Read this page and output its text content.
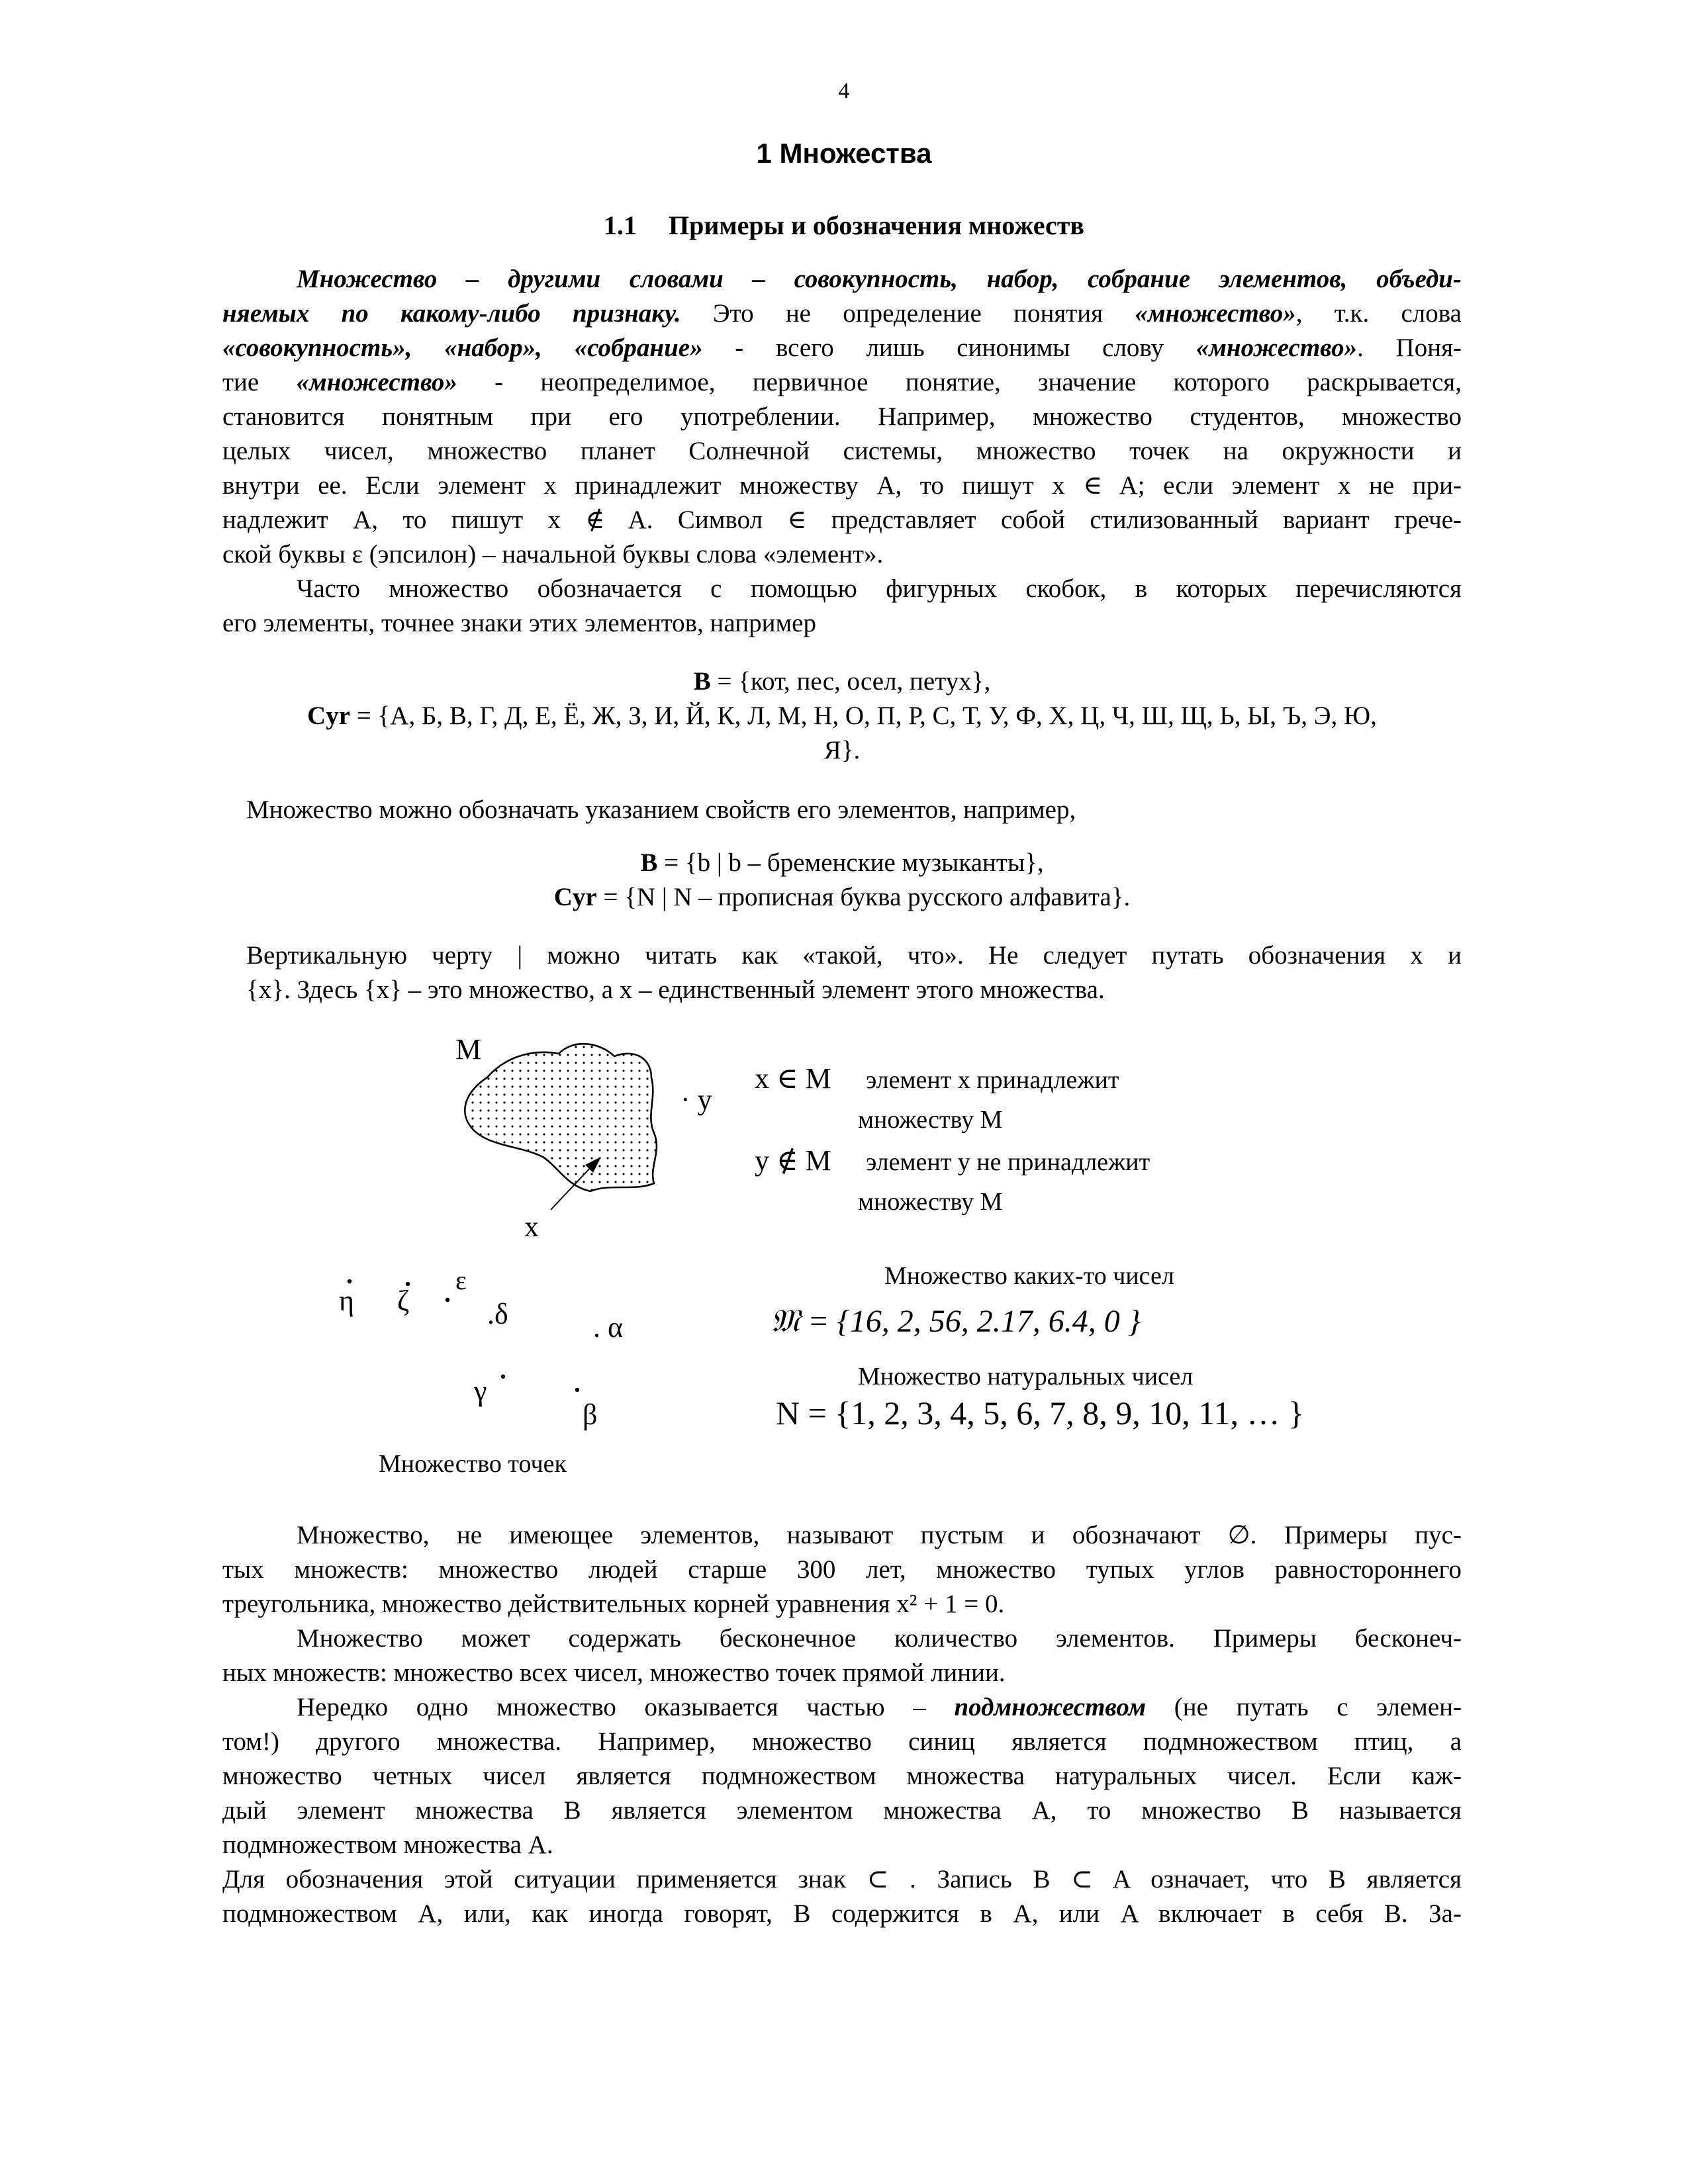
4
1 Множества
1.1 Примеры и обозначения множеств
Множество – другими словами – совокупность, набор, собрание элементов, объеди-
няемых по какому-либо признаку. Это не определение понятия «множество», т.к. слова
«совокупность», «набор», «собрание» - всего лишь синонимы слову «множество». Поня-
тие «множество» - неопределимое, первичное понятие, значение которого раскрывается,
становится понятным при его употреблении. Например, множество студентов, множество
целых чисел, множество планет Солнечной системы, множество точек на окружности и
внутри ее. Если элемент x принадлежит множеству A, то пишут x ∈ A; если элемент x не при-
надлежит A, то пишут x ∉ A. Символ ∈ представляет собой стилизованный вариант грече-
ской буквы ε (эпсилон) – начальной буквы слова «элемент».
Часто множество обозначается с помощью фигурных скобок, в которых перечисляются
его элементы, точнее знаки этих элементов, например
B = {кот, пес, осел, петух},
Cyr = {А, Б, В, Г, Д, Е, Ё, Ж, З, И, Й, К, Л, М, Н, О, П, Р, С, Т, У, Ф, Х, Ц, Ч, Ш, Щ, Ь, Ы, Ъ, Э, Ю,
Я}.
Множество можно обозначать указанием свойств его элементов, например,
B = {b | b – бременские музыканты},
Cyr = {N | N – прописная буква русского алфавита}.
Вертикальную черту | можно читать как «такой, что». Не следует путать обозначения x и
{x}. Здесь {x} – это множество, а x – единственный элемент этого множества.
M
· y
x
x ∈ M	элемент x принадлежит
множеству M
y ∉ M	элемент y не принадлежит
множеству M
η	ζ
ε
.δ	. α
γ
β
Множество точек
Множество каких-то чисел
𝔐 = {16, 2, 56, 2.17, 6.4, 0 }
Множество натуральных чисел
N = {1, 2, 3, 4, 5, 6, 7, 8, 9, 10, 11, … }
Множество, не имеющее элементов, называют пустым и обозначают ∅. Примеры пус-
тых множеств: множество людей старше 300 лет, множество тупых углов равностороннего
треугольника, множество действительных корней уравнения x² + 1 = 0.
Множество может содержать бесконечное количество элементов. Примеры бесконеч-
ных множеств: множество всех чисел, множество точек прямой линии.
Нередко одно множество оказывается частью – подмножеством (не путать с элемен-
том!) другого множества. Например, множество синиц является подмножеством птиц, а
множество четных чисел является подмножеством множества натуральных чисел. Если каж-
дый элемент множества B является элементом множества A, то множество B называется
подмножеством множества A.
Для обозначения этой ситуации применяется знак ⊂ . Запись B ⊂ A означает, что B является
подмножеством A, или, как иногда говорят, B содержится в A, или A включает в себя B. За-
